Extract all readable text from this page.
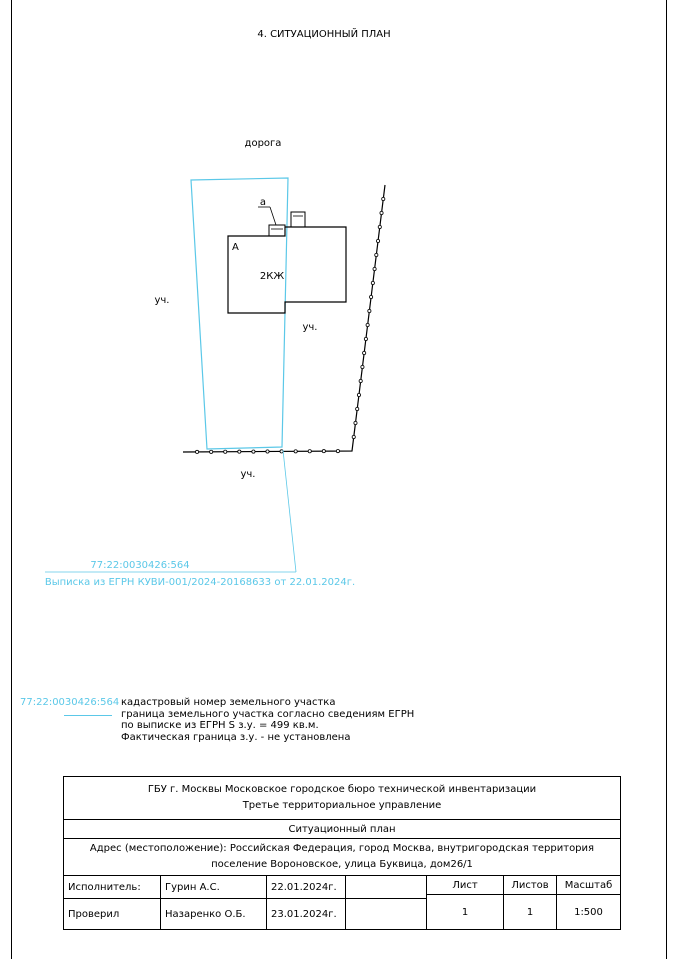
4. СИТУАЦИОННЫЙ ПЛАН
дорога
а
А
2КЖ
уч.
уч.
уч.
77:22:0030426:564
Выписка из ЕГРН КУВИ-001/2024-20168633 от 22.01.2024г.
77:22:0030426:564 кадастровый номер земельного участка
граница земельного участка согласно сведениям ЕГРН
по выписке из ЕГРН S з.у. = 499 кв.м.
Фактическая граница з.у. - не установлена
ГБУ г. Москвы Московское городское бюро технической инвентаризации
Третье территориальное управление						

Ситуационный план						

Адрес (местоположение): Российская Федерация, город Москва, внутригородская территория
поселение Вороновское, улица Буквица, дом26/1						

Исполнитель:	Гурин А.С.	22.01.2024г.		Лист	Листов	Масштаб
				1	1	1:500
Проверил	Назаренко О.Б.	23.01.2024г.				
